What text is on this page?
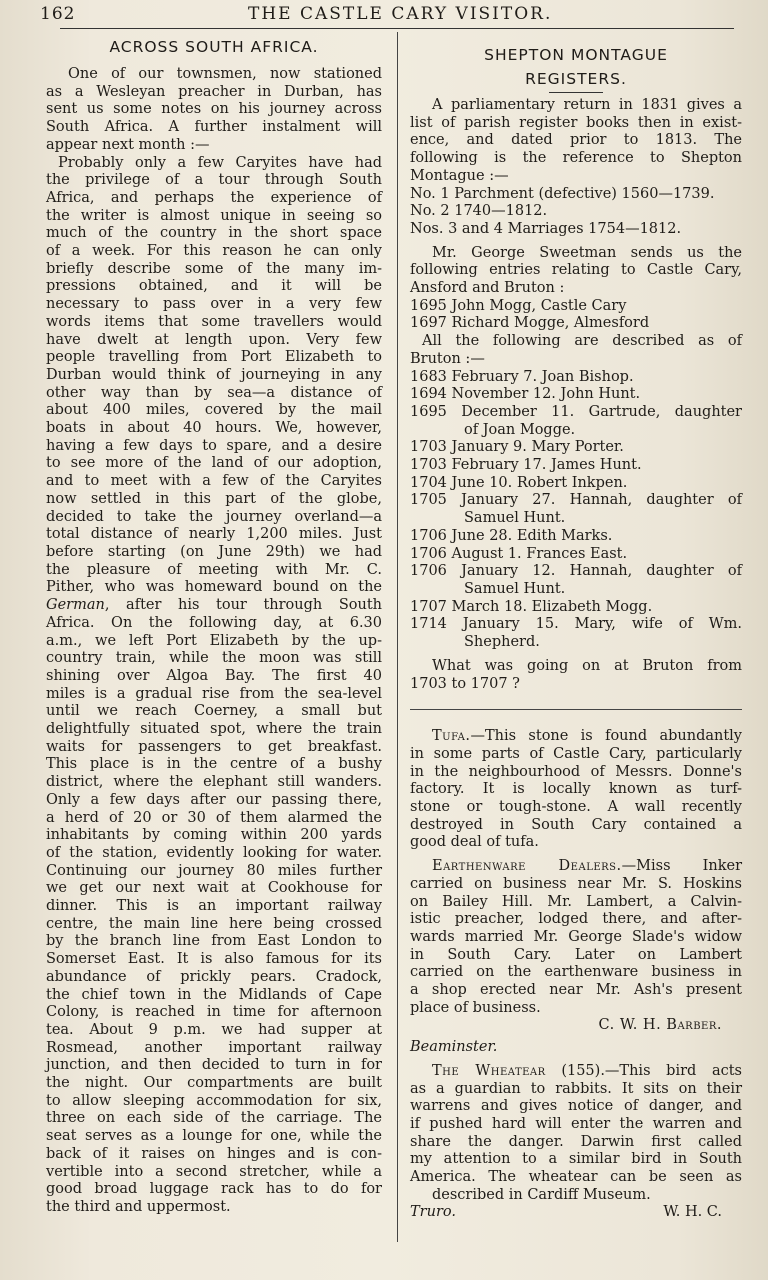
162	THE CASTLE CARY VISITOR.
ACROSS SOUTH AFRICA.

One of our townsmen, now stationed
as a Wesleyan preacher in Durban, has
sent us some notes on his journey across
South Africa. A further instalment will
appear next month :—

Probably only a few Caryites have had
the privilege of a tour through South
Africa, and perhaps the experience of
the writer is almost unique in seeing so
much of the country in the short space
of a week. For this reason he can only
briefly describe some of the many im-
pressions obtained, and it will be
necessary to pass over in a very few
words items that some travellers would
have dwelt at length upon. Very few
people travelling from Port Elizabeth to
Durban would think of journeying in any
other way than by sea—a distance of
about 400 miles, covered by the mail
boats in about 40 hours. We, however,
having a few days to spare, and a desire
to see more of the land of our adoption,
and to meet with a few of the Caryites
now settled in this part of the globe,
decided to take the journey overland—a
total distance of nearly 1,200 miles. Just
before starting (on June 29th) we had
the pleasure of meeting with Mr. C.
Pither, who was homeward bound on the
German, after his tour through South
Africa. On the following day, at 6.30
a.m., we left Port Elizabeth by the up-
country train, while the moon was still
shining over Algoa Bay. The first 40
miles is a gradual rise from the sea-level
until we reach Coerney, a small but
delightfully situated spot, where the train
waits for passengers to get breakfast.
This place is in the centre of a bushy
district, where the elephant still wanders.
Only a few days after our passing there,
a herd of 20 or 30 of them alarmed the
inhabitants by coming within 200 yards
of the station, evidently looking for water.
Continuing our journey 80 miles further
we get our next wait at Cookhouse for
dinner. This is an important railway
centre, the main line here being crossed
by the branch line from East London to
Somerset East. It is also famous for its
abundance of prickly pears. Cradock,
the chief town in the Midlands of Cape
Colony, is reached in time for afternoon
tea. About 9 p.m. we had supper at
Rosmead, another important railway
junction, and then decided to turn in for
the night. Our compartments are built
to allow sleeping accommodation for six,
three on each side of the carriage. The
seat serves as a lounge for one, while the
back of it raises on hinges and is con-
vertible into a second stretcher, while a
good broad luggage rack has to do for
the third and uppermost.

SHEPTON MONTAGUE
REGISTERS.

A parliamentary return in 1831 gives a
list of parish register books then in exist-
ence, and dated prior to 1813. The
following is the reference to Shepton
Montague :—

No. 1 Parchment (defective) 1560—1739.
No. 2 1740—1812.
Nos. 3 and 4 Marriages 1754—1812.

Mr. George Sweetman sends us the
following entries relating to Castle Cary,
Ansford and Bruton :

1695 John Mogg, Castle Cary
1697 Richard Mogge, Almesford

All the following are described as of
Bruton :—

1683 February 7. Joan Bishop.
1694 November 12. John Hunt.
1695 December 11. Gartrude, daughter
of Joan Mogge.
1703 January 9. Mary Porter.
1703 February 17. James Hunt.
1704 June 10. Robert Inkpen.
1705 January 27. Hannah, daughter of
Samuel Hunt.
1706 June 28. Edith Marks.
1706 August 1. Frances East.
1706 January 12. Hannah, daughter of
Samuel Hunt.
1707 March 18. Elizabeth Mogg.
1714 January 15. Mary, wife of Wm.
Shepherd.

What was going on at Bruton from
1703 to 1707 ?

Tufa.—This stone is found abundantly
in some parts of Castle Cary, particularly
in the neighbourhood of Messrs. Donne's
factory. It is locally known as turf-
stone or tough-stone. A wall recently
destroyed in South Cary contained a
good deal of tufa.

Earthenware Dealers.—Miss Inker
carried on business near Mr. S. Hoskins
on Bailey Hill. Mr. Lambert, a Calvin-
istic preacher, lodged there, and after-
wards married Mr. George Slade's widow
in South Cary. Later on Lambert
carried on the earthenware business in
a shop erected near Mr. Ash's present
place of business.

C. W. H. Barber.
Beaminster.

The Wheatear (155).—This bird acts
as a guardian to rabbits. It sits on their
warrens and gives notice of danger, and
if pushed hard will enter the warren and
share the danger. Darwin first called
my attention to a similar bird in South
America. The wheatear can be seen as
described in Cardiff Museum.

Truro.	W. H. C.
